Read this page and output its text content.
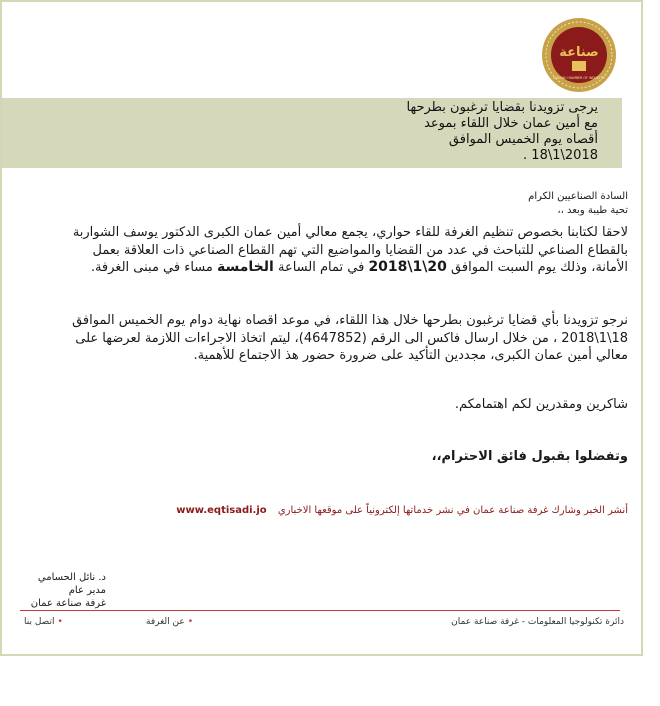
صناعة
AMMAN CHAMBER OF INDUSTRY
يرجى تزويدنا بقضايا ترغبون بطرحها
مع أمين عمان خلال اللقاء بموعد
أقصاه يوم الخميس الموافق
2018\1\18 .
السادة الصناعيين الكرام
تحية طيبة وبعد ،،
لاحقا لكتابنا بخصوص تنظيم الغرفة للقاء حواري، يجمع معالي أمين عمان الكبرى الدكتور يوسف الشواربة بالقطاع الصناعي للتباحث في عدد من القضايا والمواضيع التي تهم القطاع الصناعي ذات العلاقة بعمل الأمانة، وذلك يوم السبت الموافق 20\1\2018 في تمام الساعة الخامسة مساء في مبنى الغرفة.
نرجو تزويدنا بأي قضايا ترغبون بطرحها خلال هذا اللقاء، في موعد اقصاه نهاية دوام يوم الخميس الموافق 18\1\2018 ، من خلال ارسال فاكس الى الرقم (4647852)، ليتم اتخاذ الاجراءات اللازمة لعرضها على معالي أمين عمان الكبرى، مجددين التأكيد على ضرورة حضور هذ الاجتماع للأهمية.
شاكرين ومقدرين لكم اهتمامكم.
وتفضلوا بقبول فائق الاحترام،،
أنشر الخبر وشارك غرفة صناعة عمان في نشر خدماتها إلكترونياً على موقعها الاخباري www.eqtisadi.jo
د. نائل الحسامي
مدير عام
غرفة صناعة عمان
دائرة تكنولوجيا المعلومات - غرفة صناعة عمان
•عن الغرفة
•اتصل بنا
